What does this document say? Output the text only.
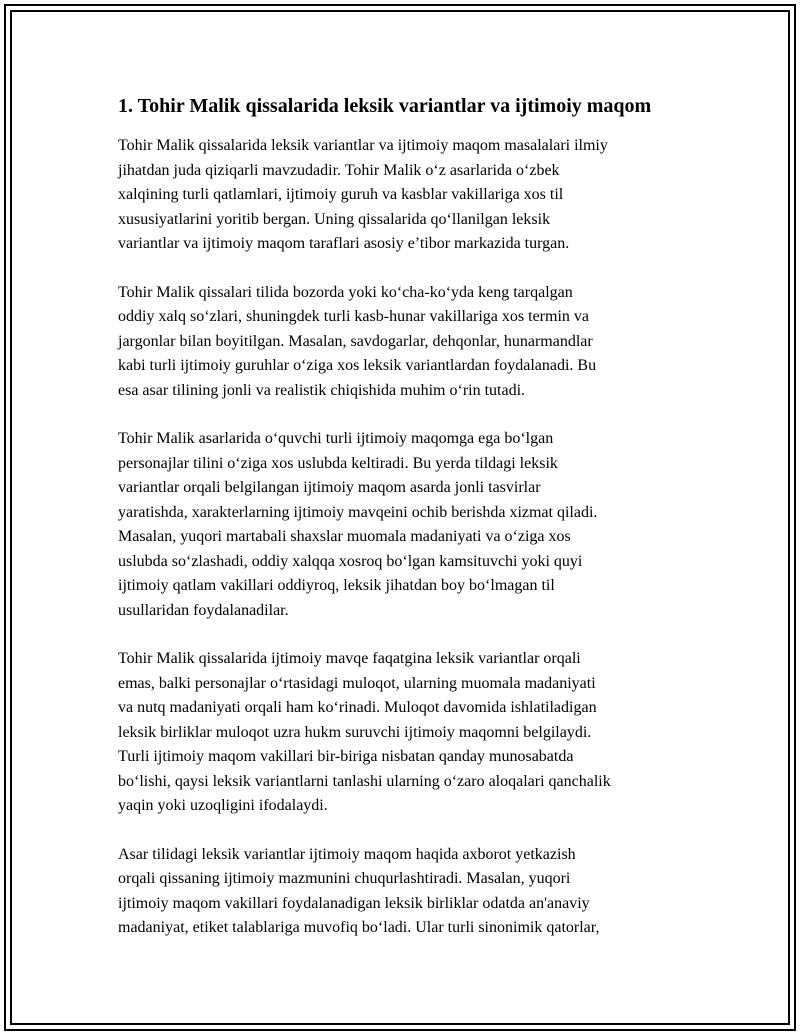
1. Tohir Malik qissalarida leksik variantlar va ijtimoiy maqom

Tohir Malik qissalarida leksik variantlar va ijtimoiy maqom masalalari ilmiy
jihatdan juda qiziqarli mavzudadir. Tohir Malik o‘z asarlarida o‘zbek
xalqining turli qatlamlari, ijtimoiy guruh va kasblar vakillariga xos til
xususiyatlarini yoritib bergan. Uning qissalarida qo‘llanilgan leksik
variantlar va ijtimoiy maqom taraflari asosiy e’tibor markazida turgan.

Tohir Malik qissalari tilida bozorda yoki ko‘cha-ko‘yda keng tarqalgan
oddiy xalq so‘zlari, shuningdek turli kasb-hunar vakillariga xos termin va
jargonlar bilan boyitilgan. Masalan, savdogarlar, dehqonlar, hunarmandlar
kabi turli ijtimoiy guruhlar o‘ziga xos leksik variantlardan foydalanadi. Bu
esa asar tilining jonli va realistik chiqishida muhim o‘rin tutadi.

Tohir Malik asarlarida o‘quvchi turli ijtimoiy maqomga ega bo‘lgan
personajlar tilini o‘ziga xos uslubda keltiradi. Bu yerda tildagi leksik
variantlar orqali belgilangan ijtimoiy maqom asarda jonli tasvirlar
yaratishda, xarakterlarning ijtimoiy mavqeini ochib berishda xizmat qiladi.
Masalan, yuqori martabali shaxslar muomala madaniyati va o‘ziga xos
uslubda so‘zlashadi, oddiy xalqqa xosroq bo‘lgan kamsituvchi yoki quyi
ijtimoiy qatlam vakillari oddiyroq, leksik jihatdan boy bo‘lmagan til
usullaridan foydalanadilar.

Tohir Malik qissalarida ijtimoiy mavqe faqatgina leksik variantlar orqali
emas, balki personajlar o‘rtasidagi muloqot, ularning muomala madaniyati
va nutq madaniyati orqali ham ko‘rinadi. Muloqot davomida ishlatiladigan
leksik birliklar muloqot uzra hukm suruvchi ijtimoiy maqomni belgilaydi.
Turli ijtimoiy maqom vakillari bir-biriga nisbatan qanday munosabatda
bo‘lishi, qaysi leksik variantlarni tanlashi ularning o‘zaro aloqalari qanchalik
yaqin yoki uzoqligini ifodalaydi.

Asar tilidagi leksik variantlar ijtimoiy maqom haqida axborot yetkazish
orqali qissaning ijtimoiy mazmunini chuqurlashtiradi. Masalan, yuqori
ijtimoiy maqom vakillari foydalanadigan leksik birliklar odatda an'anaviy
madaniyat, etiket talablariga muvofiq bo‘ladi. Ular turli sinonimik qatorlar,
